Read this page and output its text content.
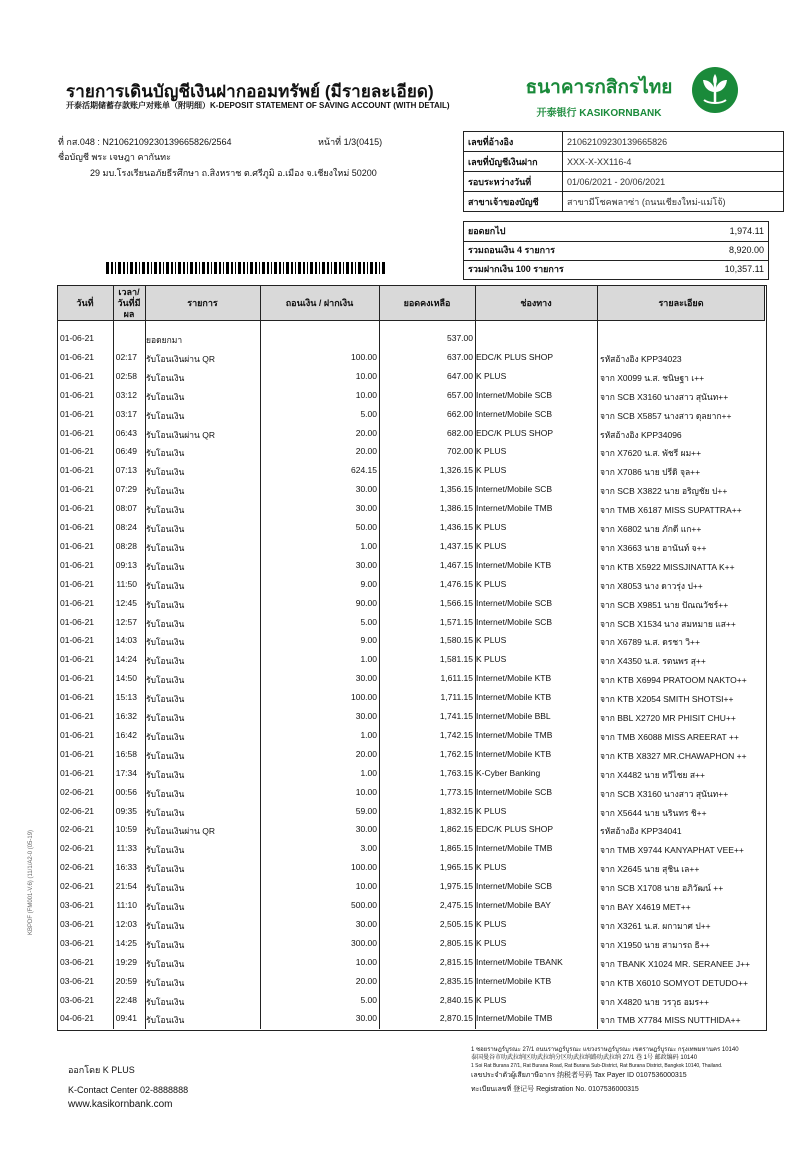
รายการเดินบัญชีเงินฝากออมทรัพย์ (มีรายละเอียด)
开泰活期储蓄存款账户对账单（附明细）K-DEPOSIT STATEMENT OF SAVING ACCOUNT (WITH DETAIL)
ธนาคารกสิกรไทย
开泰银行 KASIKORNBANK
ที่ กส.048 : N210621092301396658​26/2564	หน้าที่ 1/3(0415)
ชื่อบัญชี พระ เจษฎา คากันทะ
29 มบ.โรงเรียนอภัยธีรศึกษา ถ.สิงหราช ต.ศรีภูมิ อ.เมือง จ.เชียงใหม่ 50200
เลขที่อ้างอิง	210621092301396658​26
เลขที่บัญชีเงินฝาก	XXX-X-XX116-4
รอบระหว่างวันที่	01/06/2021 - 20/06/2021
สาขาเจ้าของบัญชี	สาขามีโชคพลาซ่า (ถนนเชียงใหม่-แม่โจ้)
ยอดยกไป	1,974.11
รวมถอนเงิน 4 รายการ	8,920.00
รวมฝากเงิน 100 รายการ	10,357.11
วันที่
เวลา/ วันที่มีผล
รายการ	ถอนเงิน / ฝากเงิน	ยอดคงเหลือ	ช่องทาง	รายละเอียด
01-06-21	ยอดยกมา	537.00
01-06-21	02:17 รับโอนเงินผ่าน QR	100.00	637.00 EDC/K PLUS SHOP	รหัสอ้างอิง KPP34023
01-06-21	02:58 รับโอนเงิน	10.00	647.00 K PLUS	จาก X0099 น.ส. ชนิษฐา เ++
01-06-21	03:12 รับโอนเงิน	10.00	657.00 Internet/Mobile SCB	จาก SCB X3160 นางสาว สุนันท++
01-06-21	03:17 รับโอนเงิน	5.00	662.00 Internet/Mobile SCB	จาก SCB X5857 นางสาว ดุลยาก++
01-06-21	06:43 รับโอนเงินผ่าน QR	20.00	682.00 EDC/K PLUS SHOP	รหัสอ้างอิง KPP34096
01-06-21	06:49 รับโอนเงิน	20.00	702.00 K PLUS	จาก X7620 น.ส. พัชรี ผม++
01-06-21	07:13 รับโอนเงิน	624.15	1,326.15 K PLUS	จาก X7086 นาย ปรีดิ จุล++
01-06-21	07:29 รับโอนเงิน	30.00	1,356.15 Internet/Mobile SCB	จาก SCB X3822 นาย อริญชัย ป++
01-06-21	08:07 รับโอนเงิน	30.00	1,386.15 Internet/Mobile TMB	จาก TMB X6187 MISS SUPATTRA++
01-06-21	08:24 รับโอนเงิน	50.00	1,436.15 K PLUS	จาก X6802 นาย ภักดี แก++
01-06-21	08:28 รับโอนเงิน	1.00	1,437.15 K PLUS	จาก X3663 นาย อานันท์ จ++
01-06-21	09:13 รับโอนเงิน	30.00	1,467.15 Internet/Mobile KTB	จาก KTB X5922 MISSJINATTA K++
01-06-21	11:50 รับโอนเงิน	9.00	1,476.15 K PLUS	จาก X8053 นาง ดาวรุ่ง ป++
01-06-21	12:45 รับโอนเงิน	90.00	1,566.15 Internet/Mobile SCB	จาก SCB X9851 นาย ปัณณวัชร์++
01-06-21	12:57 รับโอนเงิน	5.00	1,571.15 Internet/Mobile SCB	จาก SCB X1534 นาง สมหมาย แส++
01-06-21	14:03 รับโอนเงิน	9.00	1,580.15 K PLUS	จาก X6789 น.ส. ดรชา วิ++
01-06-21	14:24 รับโอนเงิน	1.00	1,581.15 K PLUS	จาก X4350 น.ส. รตนพร สุ++
01-06-21	14:50 รับโอนเงิน	30.00	1,611.15 Internet/Mobile KTB	จาก KTB X6994 PRATOOM NAKTO++
01-06-21	15:13 รับโอนเงิน	100.00	1,711.15 Internet/Mobile KTB	จาก KTB X2054 SMITH SHOTSI++
01-06-21	16:32 รับโอนเงิน	30.00	1,741.15 Internet/Mobile BBL	จาก BBL X2720 MR PHISIT CHU++
01-06-21	16:42 รับโอนเงิน	1.00	1,742.15 Internet/Mobile TMB	จาก TMB X6088 MISS AREERAT ++
01-06-21	16:58 รับโอนเงิน	20.00	1,762.15 Internet/Mobile KTB	จาก KTB X8327 MR.CHAWAPHON ++
01-06-21	17:34 รับโอนเงิน	1.00	1,763.15 K-Cyber Banking	จาก X4482 นาย ทวีไชย ส++
02-06-21	00:56 รับโอนเงิน	10.00	1,773.15 Internet/Mobile SCB	จาก SCB X3160 นางสาว สุนันท++
02-06-21	09:35 รับโอนเงิน	59.00	1,832.15 K PLUS	จาก X5644 นาย นรินทร ชิ++
02-06-21	10:59 รับโอนเงินผ่าน QR	30.00	1,862.15 EDC/K PLUS SHOP	รหัสอ้างอิง KPP34041
02-06-21	11:33 รับโอนเงิน	3.00	1,865.15 Internet/Mobile TMB	จาก TMB X9744 KANYAPHAT VEE++
02-06-21	16:33 รับโอนเงิน	100.00	1,965.15 K PLUS	จาก X2645 นาย สุชิน เล++
02-06-21	21:54 รับโอนเงิน	10.00	1,975.15 Internet/Mobile SCB	จาก SCB X1708 นาย อภิวัฒน์ ++
03-06-21	11:10 รับโอนเงิน	500.00	2,475.15 Internet/Mobile BAY	จาก BAY X4619 MET++
03-06-21	12:03 รับโอนเงิน	30.00	2,505.15 K PLUS	จาก X3261 น.ส. ผกามาศ ป++
03-06-21	14:25 รับโอนเงิน	300.00	2,805.15 K PLUS	จาก X1950 นาย สามารถ ธิ++
03-06-21	19:29 รับโอนเงิน	10.00	2,815.15 Internet/Mobile TBANK	จาก TBANK X1024 MR. SERANEE J++
03-06-21	20:59 รับโอนเงิน	20.00	2,835.15 Internet/Mobile KTB	จาก KTB X6010 SOMYOT DETUDO++
03-06-21	22:48 รับโอนเงิน	5.00	2,840.15 K PLUS	จาก X4820 นาย วรวุธ อมร++
04-06-21	09:41 รับโอนเงิน	30.00	2,870.15 Internet/Mobile TMB	จาก TMB X7784 MISS NUTTHIDA++
KBPDF (FM001-V.6) (11/1/A2-0 (05-19)
ออกโดย K PLUS
K-Contact Center 02-8888888
www.kasikornbank.com
1 ซอยราษฎร์บูรณะ 27/1 ถนนราษฎร์บูรณะ แขวงราษฎร์บูรณะ เขตราษฎร์บูรณะ กรุงเทพมหานคร 10140
泰国曼谷市叻武拉纳区叻武拉纳分区叻武拉纳路叻武拉纳 27/1 巷 1号 邮政编码 10140
1 Soi Rat Burana 27/1, Rat Burana Road, Rat Burana Sub-District, Rat Burana District, Bangkok 10140, Thailand.
เลขประจำตัวผู้เสียภาษีอากร 纳税者号码 Tax Payer ID 0107536000315
ทะเบียนเลขที่ 登记号 Registration No. 0107536000315
